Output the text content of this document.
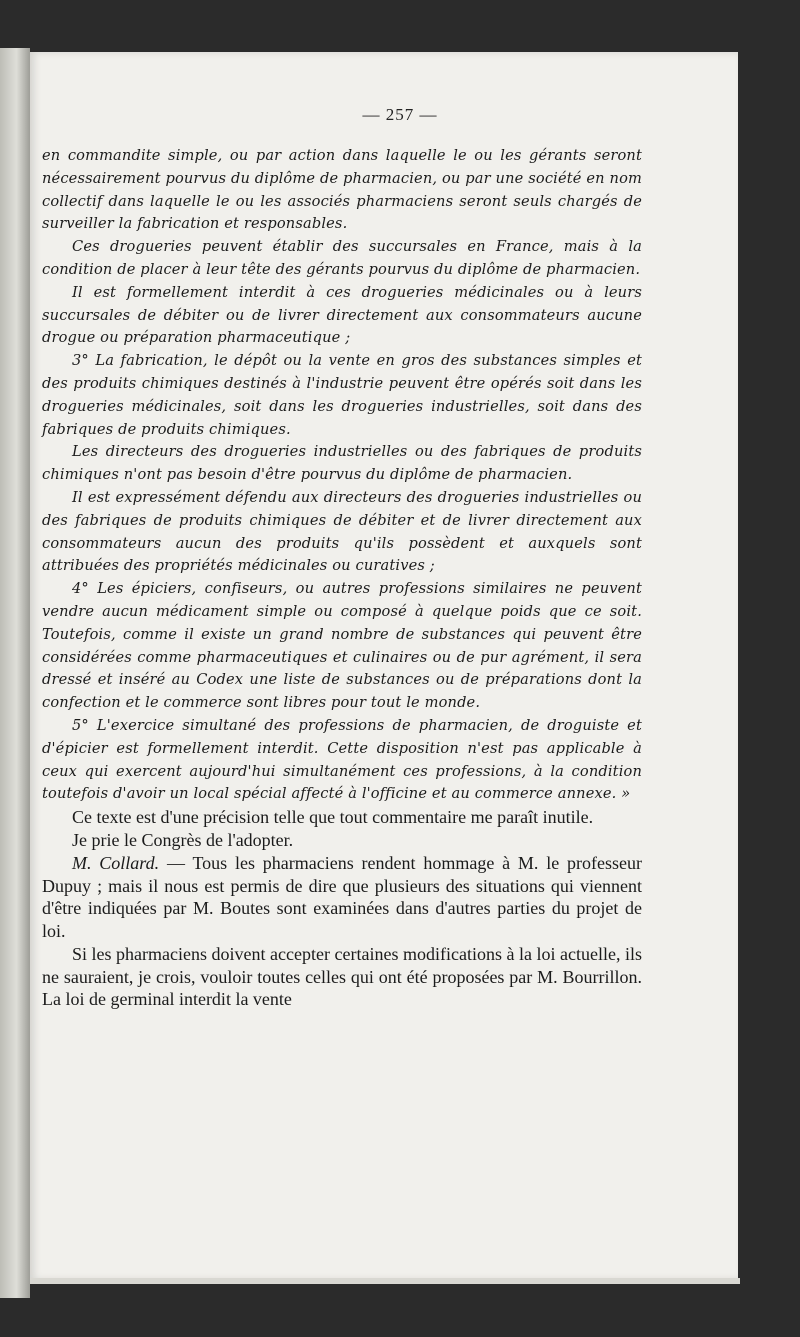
— 257 —

en commandite simple, ou par action dans laquelle le ou les gérants seront nécessairement pourvus du diplôme de pharmacien, ou par une société en nom collectif dans laquelle le ou les associés pharmaciens seront seuls chargés de surveiller la fabrication et responsables.

Ces drogueries peuvent établir des succursales en France, mais à la condition de placer à leur tête des gérants pourvus du diplôme de pharmacien.

Il est formellement interdit à ces drogueries médicinales ou à leurs succursales de débiter ou de livrer directement aux consommateurs aucune drogue ou préparation pharmaceutique ;

3° La fabrication, le dépôt ou la vente en gros des substances simples et des produits chimiques destinés à l'industrie peuvent être opérés soit dans les drogueries médicinales, soit dans les drogueries industrielles, soit dans des fabriques de produits chimiques.

Les directeurs des drogueries industrielles ou des fabriques de produits chimiques n'ont pas besoin d'être pourvus du diplôme de pharmacien.

Il est expressément défendu aux directeurs des drogueries industrielles ou des fabriques de produits chimiques de débiter et de livrer directement aux consommateurs aucun des produits qu'ils possèdent et auxquels sont attribuées des propriétés médicinales ou curatives ;

4° Les épiciers, confiseurs, ou autres professions similaires ne peuvent vendre aucun médicament simple ou composé à quelque poids que ce soit. Toutefois, comme il existe un grand nombre de substances qui peuvent être considérées comme pharmaceutiques et culinaires ou de pur agrément, il sera dressé et inséré au Codex une liste de substances ou de préparations dont la confection et le commerce sont libres pour tout le monde.

5° L'exercice simultané des professions de pharmacien, de droguiste et d'épicier est formellement interdit. Cette disposition n'est pas applicable à ceux qui exercent aujourd'hui simultanément ces professions, à la condition toutefois d'avoir un local spécial affecté à l'officine et au commerce annexe. »

Ce texte est d'une précision telle que tout commentaire me paraît inutile.

Je prie le Congrès de l'adopter.

M. Collard. — Tous les pharmaciens rendent hommage à M. le professeur Dupuy ; mais il nous est permis de dire que plusieurs des situations qui viennent d'être indiquées par M. Boutes sont examinées dans d'autres parties du projet de loi.

Si les pharmaciens doivent accepter certaines modifications à la loi actuelle, ils ne sauraient, je crois, vouloir toutes celles qui ont été proposées par M. Bourrillon. La loi de germinal interdit la vente
